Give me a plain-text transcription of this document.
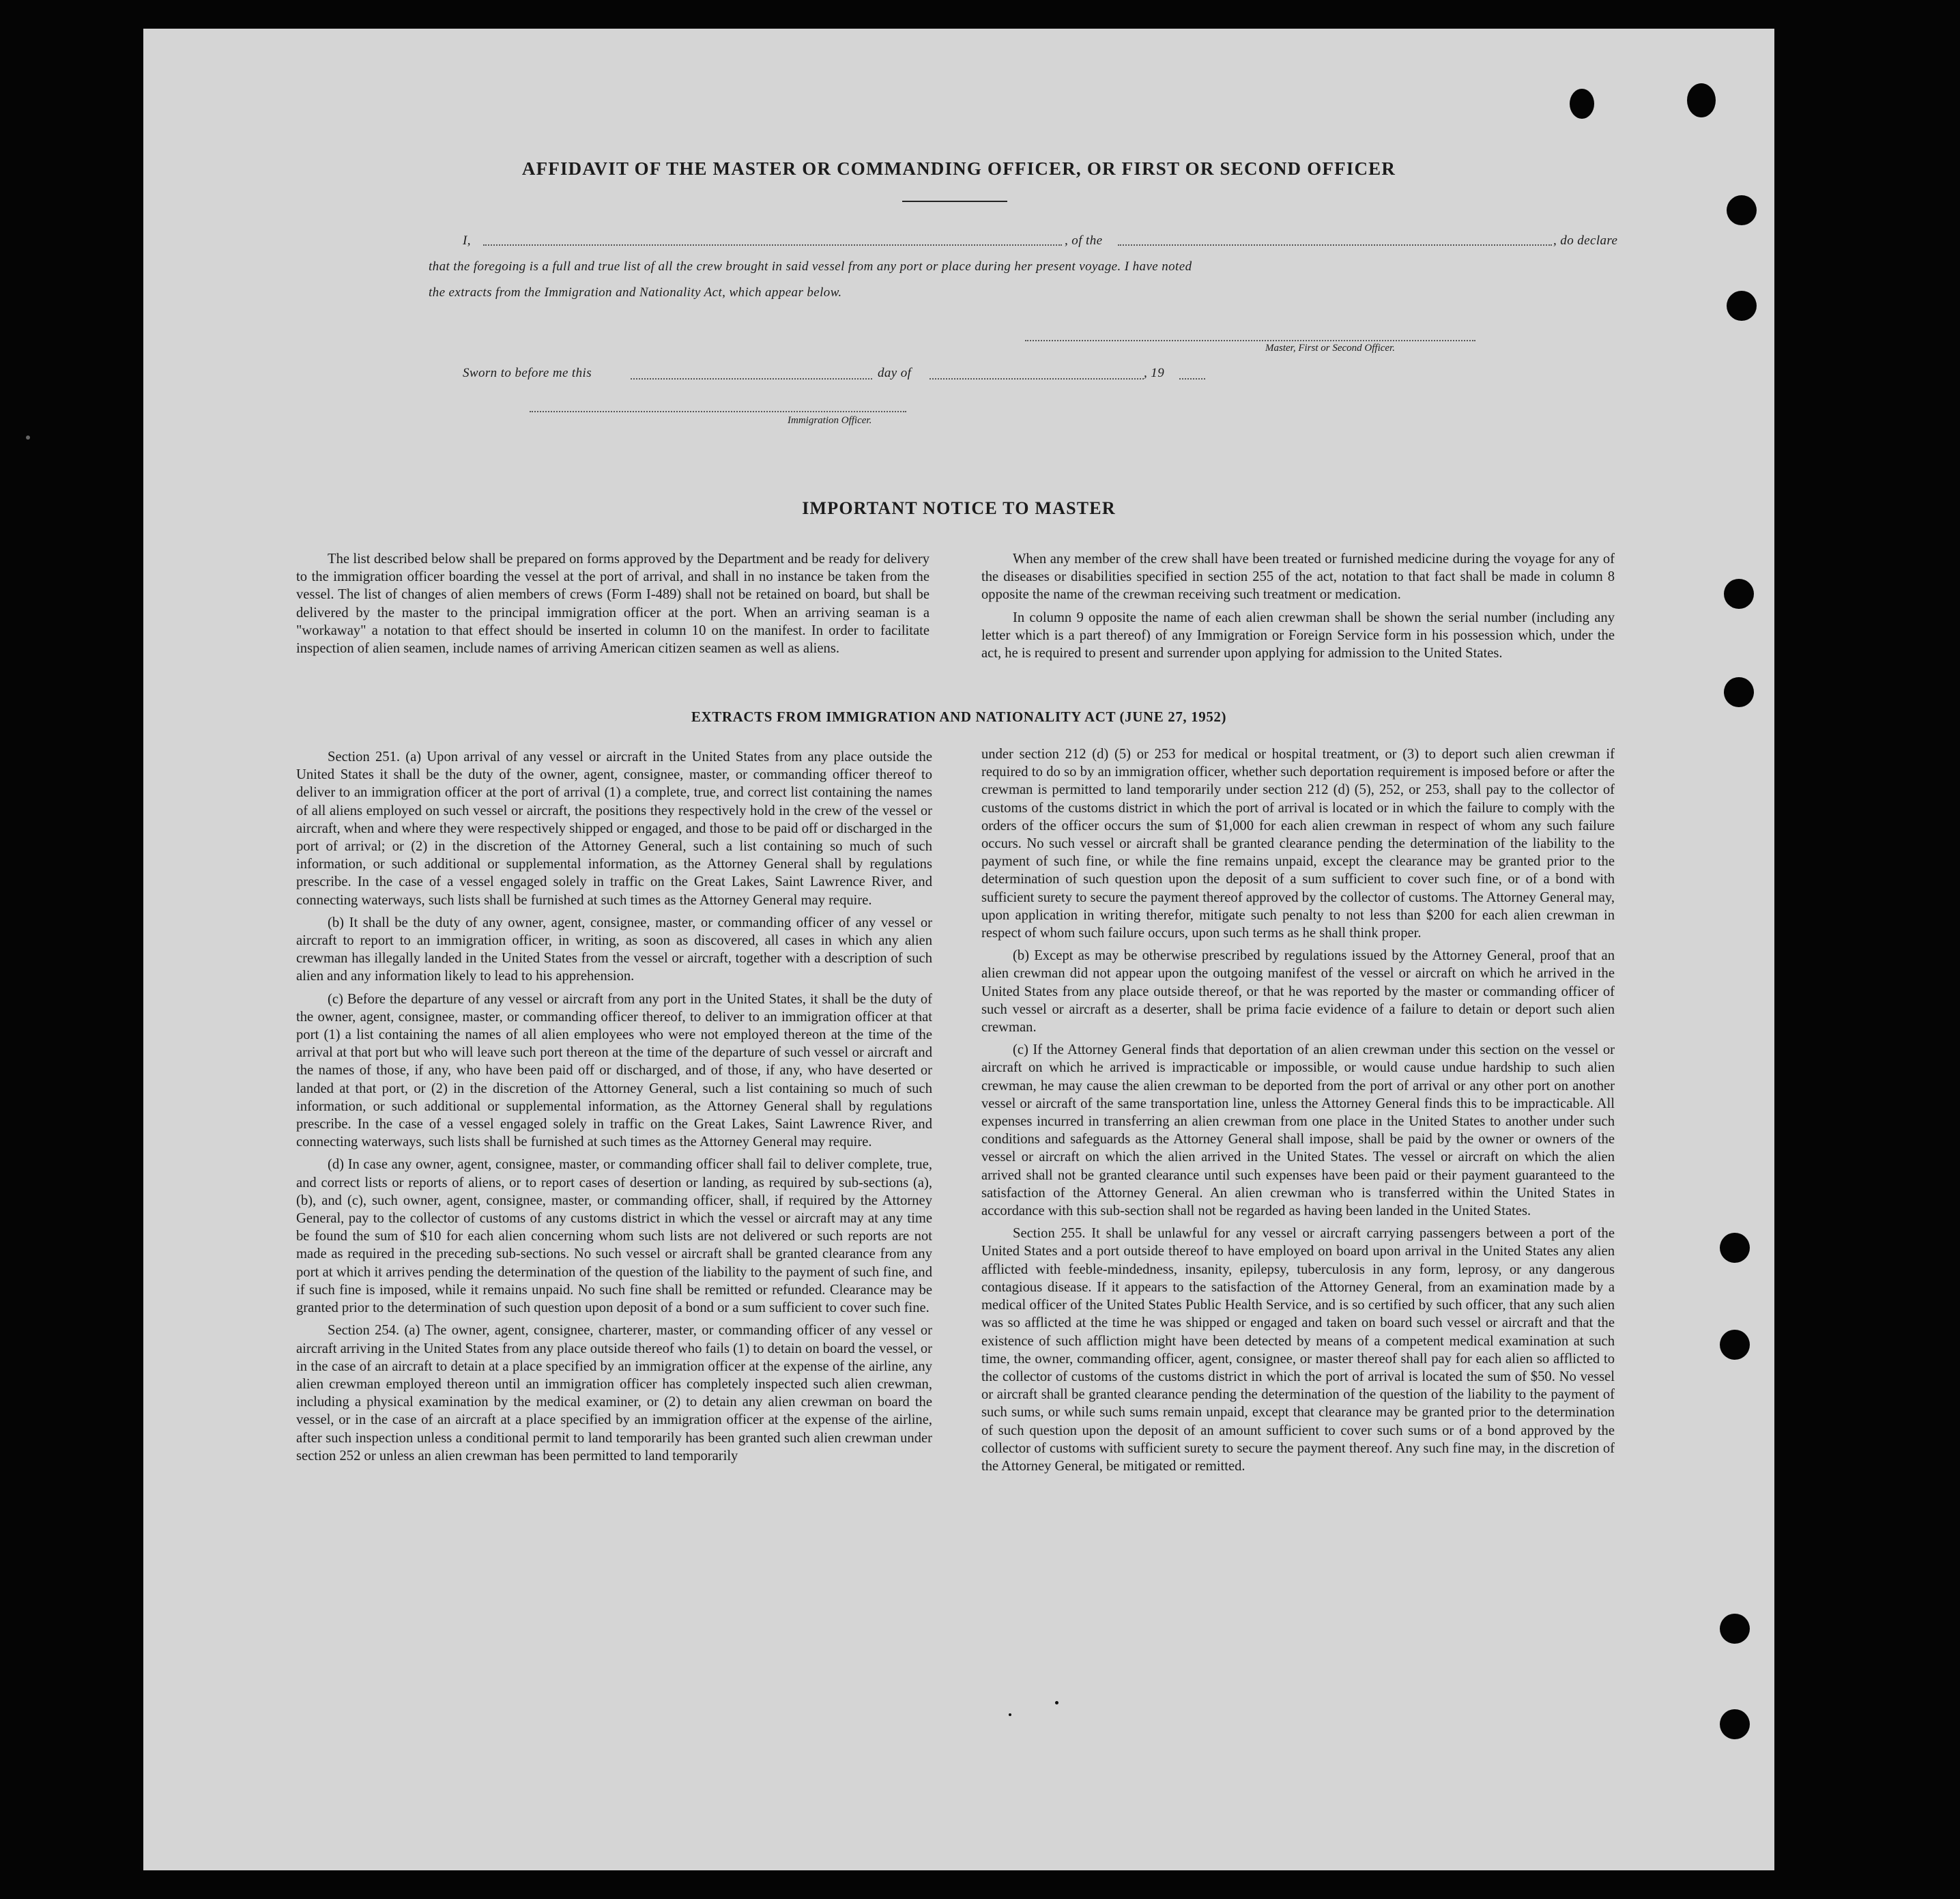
AFFIDAVIT OF THE MASTER OR COMMANDING OFFICER, OR FIRST OR SECOND OFFICER
I,	, of the	, do declare
that the foregoing is a full and true list of all the crew brought in said vessel from any port or place during her present voyage. I have noted
the extracts from the Immigration and Nationality Act, which appear below.
Master, First or Second Officer.
Sworn to before me this	day of	, 19
Immigration Officer.
IMPORTANT NOTICE TO MASTER

The list described below shall be prepared on forms approved by the Department and be ready for delivery to the immigration officer boarding the vessel at the port of arrival, and shall in no instance be taken from the vessel. The list of changes of alien members of crews (Form I-489) shall not be retained on board, but shall be delivered by the master to the principal immigration officer at the port. When an arriving seaman is a "workaway" a notation to that effect should be inserted in column 10 on the manifest. In order to facilitate inspection of alien seamen, include names of arriving American citizen seamen as well as aliens.

When any member of the crew shall have been treated or furnished medicine during the voyage for any of the diseases or disabilities specified in section 255 of the act, notation to that fact shall be made in column 8 opposite the name of the crewman receiving such treatment or medication.

In column 9 opposite the name of each alien crewman shall be shown the serial number (including any letter which is a part thereof) of any Immigration or Foreign Service form in his possession which, under the act, he is required to present and surrender upon applying for admission to the United States.

EXTRACTS FROM IMMIGRATION AND NATIONALITY ACT (JUNE 27, 1952)

Section 251. (a) Upon arrival of any vessel or aircraft in the United States from any place outside the United States it shall be the duty of the owner, agent, consignee, master, or commanding officer thereof to deliver to an immigration officer at the port of arrival (1) a complete, true, and correct list containing the names of all aliens employed on such vessel or aircraft, the positions they respectively hold in the crew of the vessel or aircraft, when and where they were respectively shipped or engaged, and those to be paid off or discharged in the port of arrival; or (2) in the discretion of the Attorney General, such a list containing so much of such information, or such additional or supplemental information, as the Attorney General shall by regulations prescribe. In the case of a vessel engaged solely in traffic on the Great Lakes, Saint Lawrence River, and connecting waterways, such lists shall be furnished at such times as the Attorney General may require.

(b) It shall be the duty of any owner, agent, consignee, master, or commanding officer of any vessel or aircraft to report to an immigration officer, in writing, as soon as discovered, all cases in which any alien crewman has illegally landed in the United States from the vessel or aircraft, together with a description of such alien and any information likely to lead to his apprehension.

(c) Before the departure of any vessel or aircraft from any port in the United States, it shall be the duty of the owner, agent, consignee, master, or commanding officer thereof, to deliver to an immigration officer at that port (1) a list containing the names of all alien employees who were not employed thereon at the time of the arrival at that port but who will leave such port thereon at the time of the departure of such vessel or aircraft and the names of those, if any, who have been paid off or discharged, and of those, if any, who have deserted or landed at that port, or (2) in the discretion of the Attorney General, such a list containing so much of such information, or such additional or supplemental information, as the Attorney General shall by regulations prescribe. In the case of a vessel engaged solely in traffic on the Great Lakes, Saint Lawrence River, and connecting waterways, such lists shall be furnished at such times as the Attorney General may require.

(d) In case any owner, agent, consignee, master, or commanding officer shall fail to deliver complete, true, and correct lists or reports of aliens, or to report cases of desertion or landing, as required by sub-sections (a), (b), and (c), such owner, agent, consignee, master, or commanding officer, shall, if required by the Attorney General, pay to the collector of customs of any customs district in which the vessel or aircraft may at any time be found the sum of $10 for each alien concerning whom such lists are not delivered or such reports are not made as required in the preceding sub-sections. No such vessel or aircraft shall be granted clearance from any port at which it arrives pending the determination of the question of the liability to the payment of such fine, and if such fine is imposed, while it remains unpaid. No such fine shall be remitted or refunded. Clearance may be granted prior to the determination of such question upon deposit of a bond or a sum sufficient to cover such fine.

Section 254. (a) The owner, agent, consignee, charterer, master, or commanding officer of any vessel or aircraft arriving in the United States from any place outside thereof who fails (1) to detain on board the vessel, or in the case of an aircraft to detain at a place specified by an immigration officer at the expense of the airline, any alien crewman employed thereon until an immigration officer has completely inspected such alien crewman, including a physical examination by the medical examiner, or (2) to detain any alien crewman on board the vessel, or in the case of an aircraft at a place specified by an immigration officer at the expense of the airline, after such inspection unless a conditional permit to land temporarily has been granted such alien crewman under section 252 or unless an alien crewman has been permitted to land temporarily

under section 212 (d) (5) or 253 for medical or hospital treatment, or (3) to deport such alien crewman if required to do so by an immigration officer, whether such deportation requirement is imposed before or after the crewman is permitted to land temporarily under section 212 (d) (5), 252, or 253, shall pay to the collector of customs of the customs district in which the port of arrival is located or in which the failure to comply with the orders of the officer occurs the sum of $1,000 for each alien crewman in respect of whom any such failure occurs. No such vessel or aircraft shall be granted clearance pending the determination of the liability to the payment of such fine, or while the fine remains unpaid, except the clearance may be granted prior to the determination of such question upon the deposit of a sum sufficient to cover such fine, or of a bond with sufficient surety to secure the payment thereof approved by the collector of customs. The Attorney General may, upon application in writing therefor, mitigate such penalty to not less than $200 for each alien crewman in respect of whom such failure occurs, upon such terms as he shall think proper.

(b) Except as may be otherwise prescribed by regulations issued by the Attorney General, proof that an alien crewman did not appear upon the outgoing manifest of the vessel or aircraft on which he arrived in the United States from any place outside thereof, or that he was reported by the master or commanding officer of such vessel or aircraft as a deserter, shall be prima facie evidence of a failure to detain or deport such alien crewman.

(c) If the Attorney General finds that deportation of an alien crewman under this section on the vessel or aircraft on which he arrived is impracticable or impossible, or would cause undue hardship to such alien crewman, he may cause the alien crewman to be deported from the port of arrival or any other port on another vessel or aircraft of the same transportation line, unless the Attorney General finds this to be impracticable. All expenses incurred in transferring an alien crewman from one place in the United States to another under such conditions and safeguards as the Attorney General shall impose, shall be paid by the owner or owners of the vessel or aircraft on which the alien arrived in the United States. The vessel or aircraft on which the alien arrived shall not be granted clearance until such expenses have been paid or their payment guaranteed to the satisfaction of the Attorney General. An alien crewman who is transferred within the United States in accordance with this sub-section shall not be regarded as having been landed in the United States.

Section 255. It shall be unlawful for any vessel or aircraft carrying passengers between a port of the United States and a port outside thereof to have employed on board upon arrival in the United States any alien afflicted with feeble-mindedness, insanity, epilepsy, tuberculosis in any form, leprosy, or any dangerous contagious disease. If it appears to the satisfaction of the Attorney General, from an examination made by a medical officer of the United States Public Health Service, and is so certified by such officer, that any such alien was so afflicted at the time he was shipped or engaged and taken on board such vessel or aircraft and that the existence of such affliction might have been detected by means of a competent medical examination at such time, the owner, commanding officer, agent, consignee, or master thereof shall pay for each alien so afflicted to the collector of customs of the customs district in which the port of arrival is located the sum of $50. No vessel or aircraft shall be granted clearance pending the determination of the question of the liability to the payment of such sums, or while such sums remain unpaid, except that clearance may be granted prior to the determination of such question upon the deposit of an amount sufficient to cover such sums or of a bond approved by the collector of customs with sufficient surety to secure the payment thereof. Any such fine may, in the discretion of the Attorney General, be mitigated or remitted.
